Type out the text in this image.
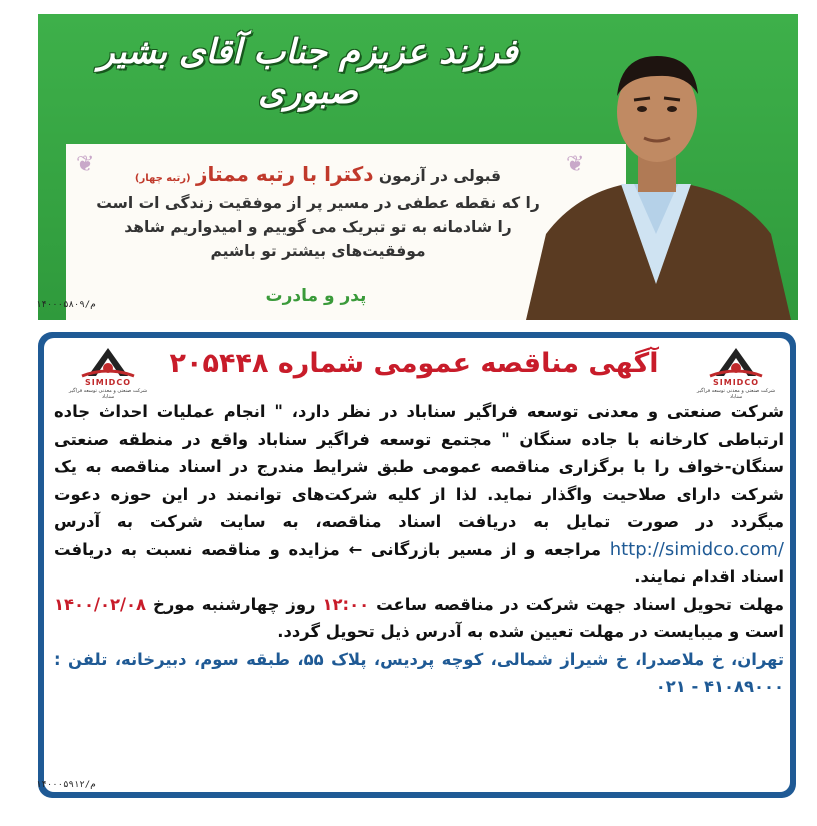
فرزند عزیزم جناب آقای بشیر صبوری
❦	❦
قبولی در آزمون دکترا با رتبه ممتاز (رتبه چهار)
را که نقطه عطفی در مسیر پر از موفقیت زندگی ات است
را شادمانه به تو تبریک می گوییم و امیدواریم شاهد
موفقیت‌های بیشتر تو باشیم
پدر و مادرت
م/۱۴۰۰۰۵۸۰۹
SIMIDCO
شرکت صنعتی و معدنی توسعه فراگیر سناباد
آگهی مناقصه عمومی شماره ۲۰۵۴۴۸
SIMIDCO
شرکت صنعتی و معدنی توسعه فراگیر سناباد

شرکت صنعتی و معدنی توسعه فراگیر سناباد در نظر دارد، " انجام عملیات احداث جاده ارتباطی کارخانه با جاده سنگان " مجتمع توسعه فراگیر سناباد واقع در منطقه صنعتی سنگان-خواف را با برگزاری مناقصه عمومی طبق شرایط مندرج در اسناد مناقصه به یک شرکت دارای صلاحیت واگذار نماید. لذا از کلیه شرکت‌های توانمند در این حوزه دعوت میگردد در صورت تمایل به دریافت اسناد مناقصه، به سایت شرکت به آدرس http://simidco.com/ مراجعه و از مسیر بازرگانی ← مزایده و مناقصه نسبت به دریافت اسناد اقدام نمایند.

مهلت تحویل اسناد جهت شرکت در مناقصه ساعت ۱۲:۰۰ روز چهارشنبه مورخ ۱۴۰۰/۰۲/۰۸ است و میبایست در مهلت تعیین شده به آدرس ذیل تحویل گردد.

تهران، خ ملاصدرا، خ شیراز شمالی، کوچه پردیس، پلاک ۵۵، طبقه سوم، دبیرخانه، تلفن : ۴۱۰۸۹۰۰۰ - ۰۲۱

م/۱۴۰۰۰۵۹۱۲
